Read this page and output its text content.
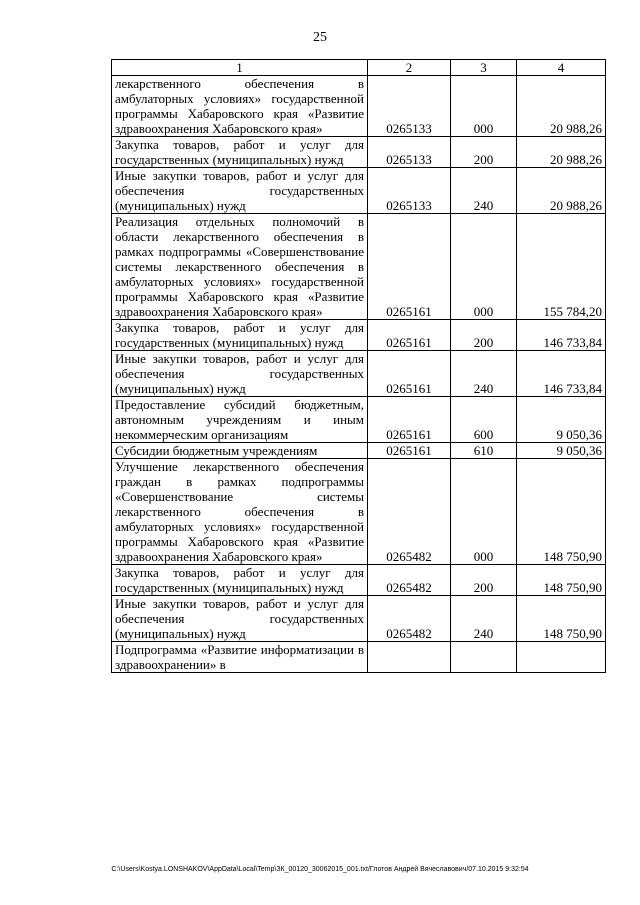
25
1	2	3	4
лекарственного обеспечения в амбулаторных условиях» государственной программы Хабаровского края «Развитие здравоохранения Хабаровского края»	0265133	000	20 988,26
Закупка товаров, работ и услуг для государственных (муниципальных) нужд	0265133	200	20 988,26
Иные закупки товаров, работ и услуг для обеспечения государственных (муниципальных) нужд	0265133	240	20 988,26
Реализация отдельных полномочий в области лекарственного обеспечения в рамках подпрограммы «Совершенствование системы лекарственного обеспечения в амбулаторных условиях» государственной программы Хабаровского края «Развитие здравоохранения Хабаровского края»	0265161	000	155 784,20
Закупка товаров, работ и услуг для государственных (муниципальных) нужд	0265161	200	146 733,84
Иные закупки товаров, работ и услуг для обеспечения государственных (муниципальных) нужд	0265161	240	146 733,84
Предоставление субсидий бюджетным, автономным учреждениям и иным некоммерческим организациям	0265161	600	9 050,36
Субсидии бюджетным учреждениям	0265161	610	9 050,36
Улучшение лекарственного обеспечения граждан в рамках подпрограммы «Совершенствование системы лекарственного обеспечения в амбулаторных условиях» государственной программы Хабаровского края «Развитие здравоохранения Хабаровского края»	0265482	000	148 750,90
Закупка товаров, работ и услуг для государственных (муниципальных) нужд	0265482	200	148 750,90
Иные закупки товаров, работ и услуг для обеспечения государственных (муниципальных) нужд	0265482	240	148 750,90
Подпрограмма «Развитие информатизации в здравоохранении» в			
C:\Users\Kostya.LONSHAKOV\AppData\Local\Temp\ЗК_00120_30062015_001.txt/Глотов Андрей Вячеславович/07.10.2015 9:32:54
